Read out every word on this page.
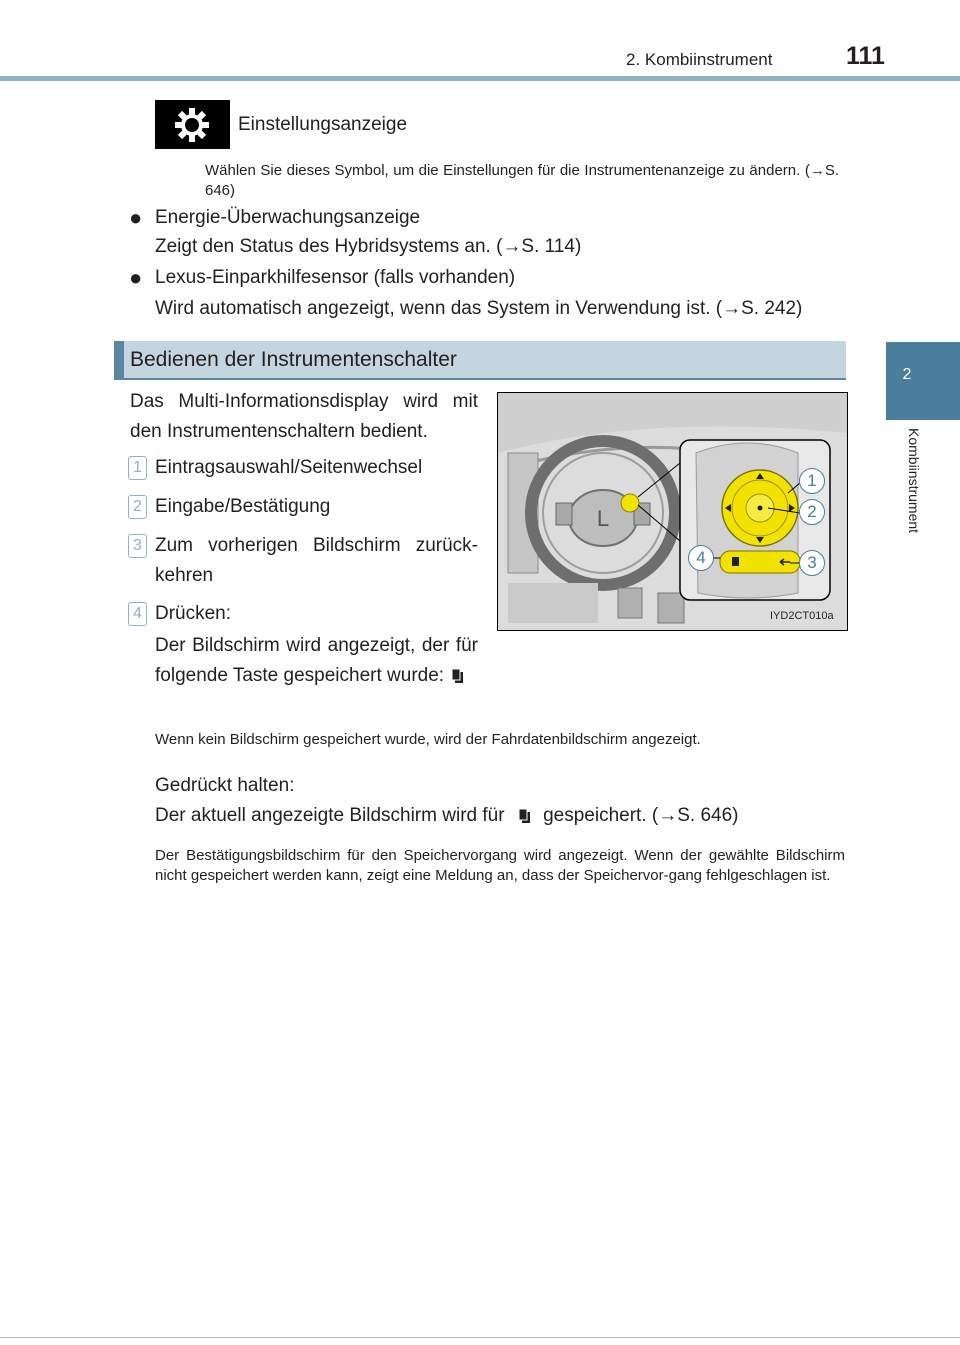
2. Kombiinstrument	111
2
Kombiinstrument
Einstellungsanzeige
Wählen Sie dieses Symbol, um die Einstellungen für die Instrumentenanzeige zu ändern. (→S. 646)
● Energie-Überwachungsanzeige
Zeigt den Status des Hybridsystems an. (→S. 114)
● Lexus-Einparkhilfesensor (falls vorhanden)
Wird automatisch angezeigt, wenn das System in Verwendung ist. (→S. 242)
Bedienen der Instrumentenschalter
Das Multi-Informationsdisplay wird mit den Instrumentenschaltern bedient.
1 Eintragsauswahl/Seitenwechsel
2 Eingabe/Bestätigung
3 Zum vorherigen Bildschirm zurück-kehren
4 Drücken:
Der Bildschirm wird angezeigt, der für folgende Taste gespeichert wurde:
Wenn kein Bildschirm gespeichert wurde, wird der Fahrdatenbildschirm angezeigt.
Gedrückt halten:
Der aktuell angezeigte Bildschirm wird für gespeichert. (→S. 646)
Der Bestätigungsbildschirm für den Speichervorgang wird angezeigt. Wenn der gewählte Bildschirm nicht gespeichert werden kann, zeigt eine Meldung an, dass der Speichervor-gang fehlgeschlagen ist.
L
1
2
3
4
IYD2CT010a
